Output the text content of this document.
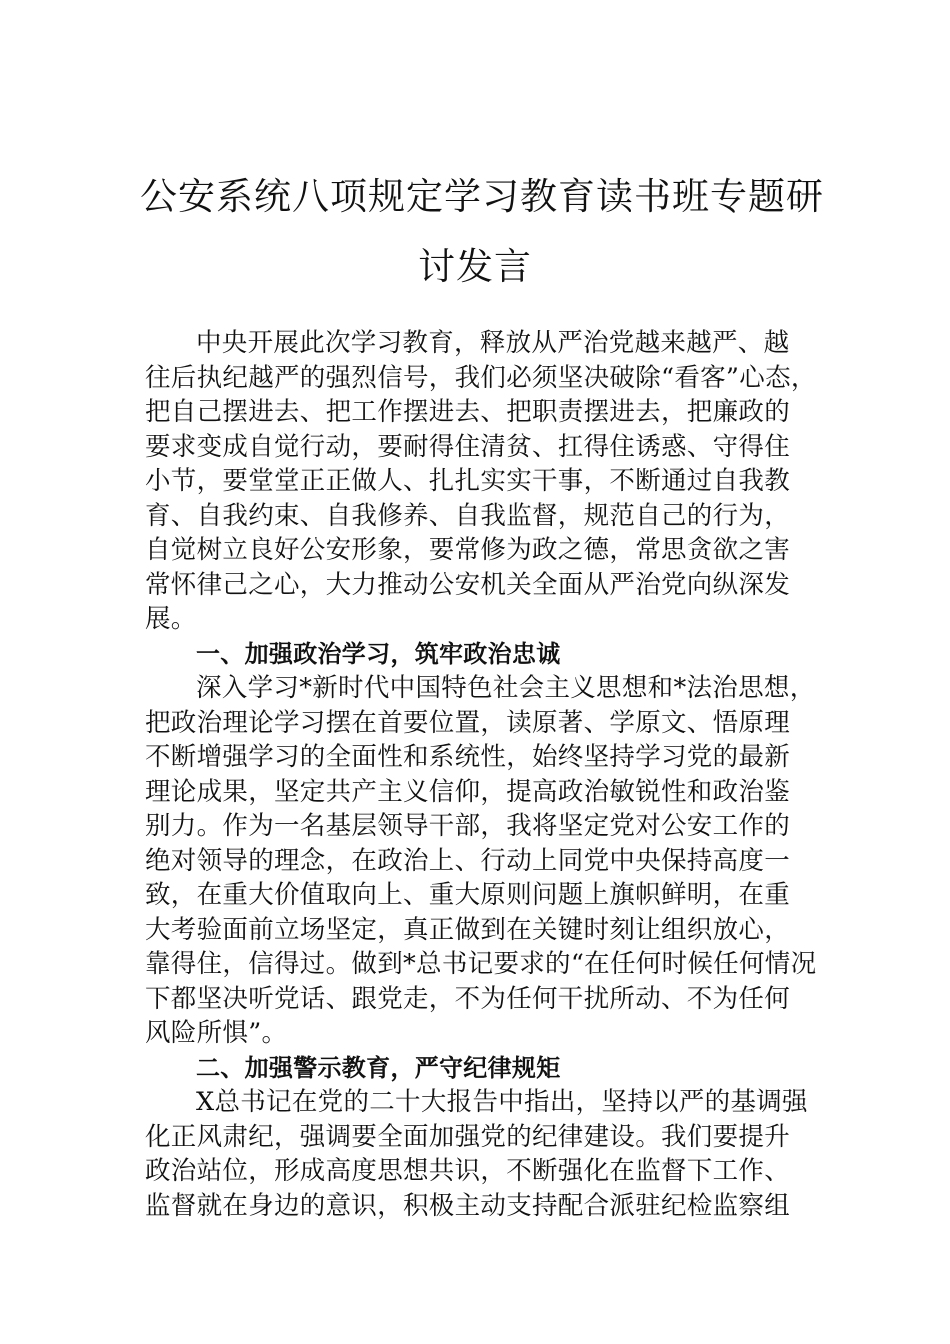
公安系统八项规定学习教育读书班专题研
讨发言
中央开展此次学习教育，释放从严治党越来越严、越
往后执纪越严的强烈信号，我们必须坚决破除“看客”心态，
把自己摆进去、把工作摆进去、把职责摆进去，把廉政的
要求变成自觉行动，要耐得住清贫、扛得住诱惑、守得住
小节，要堂堂正正做人、扎扎实实干事，不断通过自我教
育、自我约束、自我修养、自我监督，规范自己的行为，
自觉树立良好公安形象，要常修为政之德，常思贪欲之害
常怀律己之心，大力推动公安机关全面从严治党向纵深发
展。
一、加强政治学习，筑牢政治忠诚
深入学习*新时代中国特色社会主义思想和*法治思想，
把政治理论学习摆在首要位置，读原著、学原文、悟原理
不断增强学习的全面性和系统性，始终坚持学习党的最新
理论成果，坚定共产主义信仰，提高政治敏锐性和政治鉴
别力。作为一名基层领导干部，我将坚定党对公安工作的
绝对领导的理念，在政治上、行动上同党中央保持高度一
致，在重大价值取向上、重大原则问题上旗帜鲜明，在重
大考验面前立场坚定，真正做到在关键时刻让组织放心，
靠得住，信得过。做到*总书记要求的“在任何时候任何情况
下都坚决听党话、跟党走，不为任何干扰所动、不为任何
风险所惧”。
二、加强警示教育，严守纪律规矩
X总书记在党的二十大报告中指出，坚持以严的基调强
化正风肃纪，强调要全面加强党的纪律建设。我们要提升
政治站位，形成高度思想共识，不断强化在监督下工作、
监督就在身边的意识，积极主动支持配合派驻纪检监察组
